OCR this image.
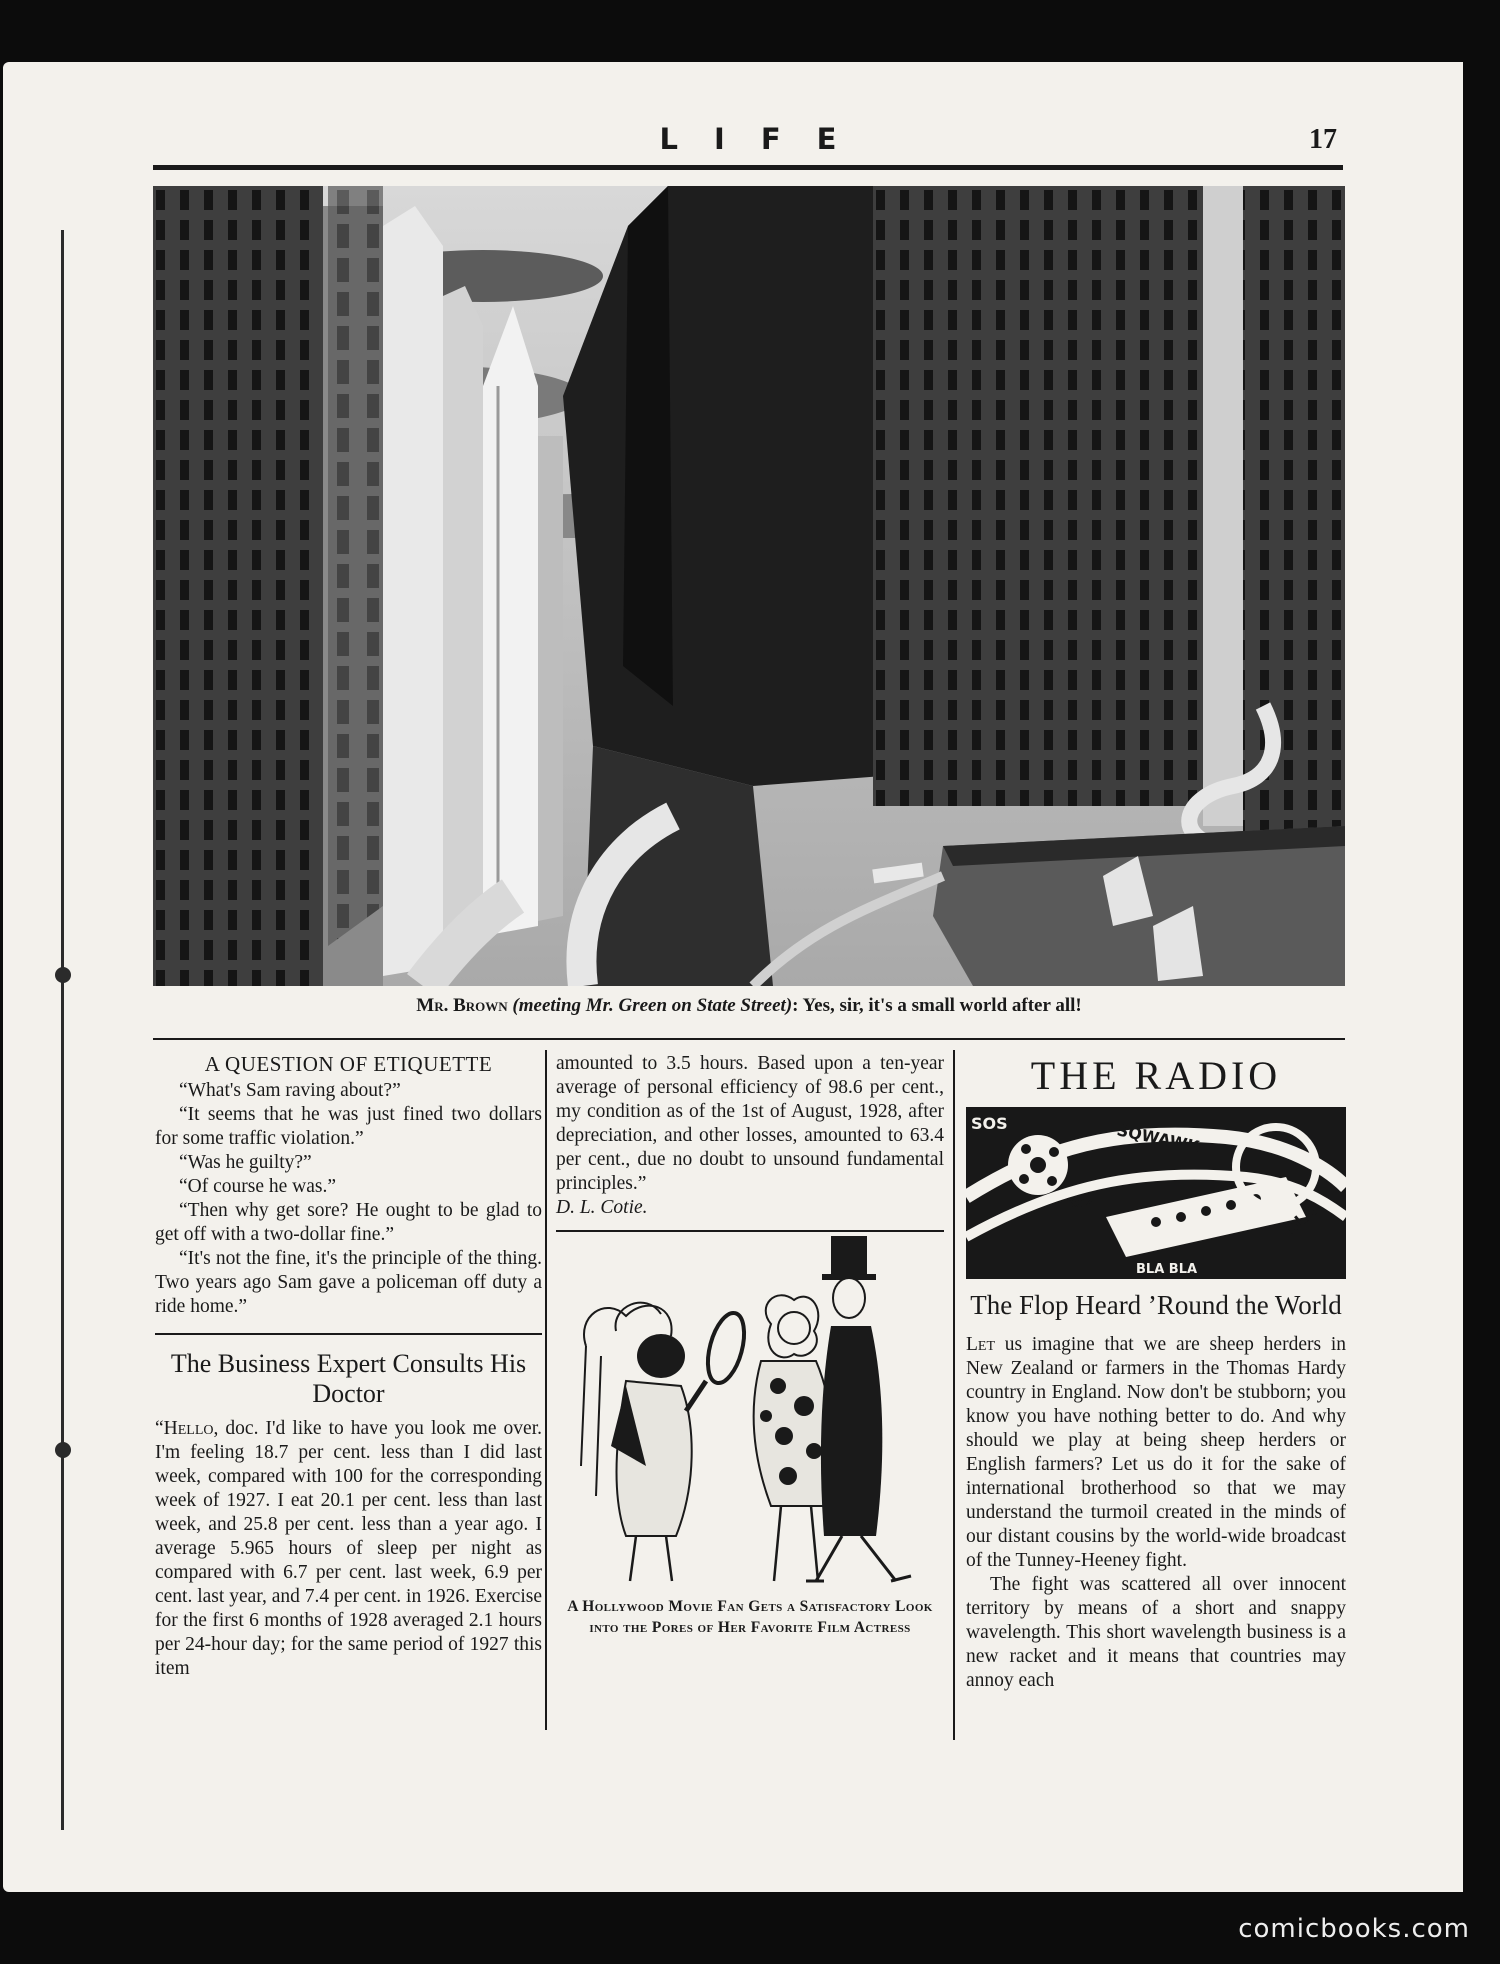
LIFE	17
Mr. Brown (meeting Mr. Green on State Street): Yes, sir, it's a small world after all!
A QUESTION OF ETIQUETTE

“What's Sam raving about?”

“It seems that he was just fined two dollars for some traffic violation.”

“Was he guilty?”

“Of course he was.”

“Then why get sore? He ought to be glad to get off with a two-dollar fine.”

“It's not the fine, it's the principle of the thing. Two years ago Sam gave a policeman off duty a ride home.”

The Business Expert Consults His Doctor

“Hello, doc. I'd like to have you look me over. I'm feeling 18.7 per cent. less than I did last week, compared with 100 for the corresponding week of 1927. I eat 20.1 per cent. less than last week, and 25.8 per cent. less than a year ago. I average 5.965 hours of sleep per night as compared with 6.7 per cent. last week, 6.9 per cent. last year, and 7.4 per cent. in 1926. Exercise for the first 6 months of 1928 averaged 2.1 hours per 24-hour day; for the same period of 1927 this item

amounted to 3.5 hours. Based upon a ten-year average of personal efficiency of 98.6 per cent., my condition as of the 1st of August, 1928, after depreciation, and other losses, amounted to 63.4 per cent., due no doubt to unsound fundamental principles.”

D. L. Cotie.

A Hollywood Movie Fan Gets a Satisfactory Look into the Pores of Her Favorite Film Actress
THE RADIO
SOS	SQWAWK
KOZ	BLA
BLA BLA
The Flop Heard ’Round the World

Let us imagine that we are sheep herders in New Zealand or farmers in the Thomas Hardy country in England. Now don't be stubborn; you know you have nothing better to do. And why should we play at being sheep herders or English farmers? Let us do it for the sake of international brotherhood so that we may understand the turmoil created in the minds of our distant cousins by the world-wide broadcast of the Tunney-Heeney fight.

The fight was scattered all over innocent territory by means of a short and snappy wavelength. This short wavelength business is a new racket and it means that countries may annoy each

comicbooks.com
